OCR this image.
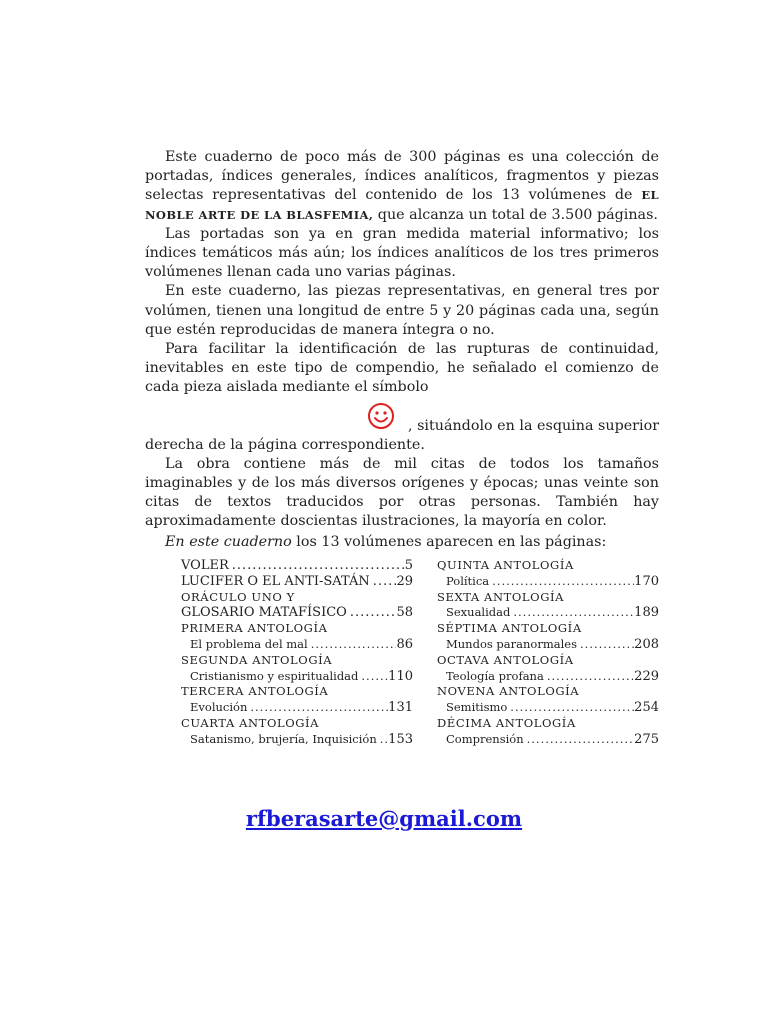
Este cuaderno de poco más de 300 páginas es una colección de portadas, índices generales, índices analíticos, fragmentos y piezas selectas representativas del contenido de los 13 volúmenes de EL NOBLE ARTE DE LA BLASFEMIA, que alcanza un total de 3.500 páginas.

Las portadas son ya en gran medida material informativo; los índices temáticos más aún; los índices analíticos de los tres primeros volúmenes llenan cada uno varias páginas.

En este cuaderno, las piezas representativas, en general tres por volúmen, tienen una longitud de entre 5 y 20 páginas cada una, según que estén reproducidas de manera íntegra o no.

Para facilitar la identificación de las rupturas de continuidad, inevitables en este tipo de compendio, he señalado el comienzo de cada pieza aislada mediante el símbolo

, situándolo en la esquina superior

derecha de la página correspondiente.

La obra contiene más de mil citas de todos los tamaños imaginables y de los más diversos orígenes y épocas; unas veinte son citas de textos traducidos por otras personas. También hay aproximadamente doscientas ilustraciones, la mayoría en color.

En este cuaderno los 13 volúmenes aparecen en las páginas:

VOLER .....	5
LUCIFER O EL ANTI-SATÁN ..... 29
ORÁCULO UNO Y
GLOSARIO MATAFÍSICO .....	58
PRIMERA ANTOLOGÍA
El problema del mal .....	86
SEGUNDA ANTOLOGÍA
Cristianismo y espiritualidad ..... 110
TERCERA ANTOLOGÍA
Evolución .....	131
CUARTA ANTOLOGÍA
Satanismo, brujería, Inquisición ..... 153
QUINTA ANTOLOGÍA
Política .....	170
SEXTA ANTOLOGÍA
Sexualidad .....	189
SÉPTIMA ANTOLOGÍA
Mundos paranormales .....	208
OCTAVA ANTOLOGÍA
Teología profana .....	229
NOVENA ANTOLOGÍA
Semitismo .....	254
DÉCIMA ANTOLOGÍA
Comprensión .....	275
rfberasarte@gmail.com
